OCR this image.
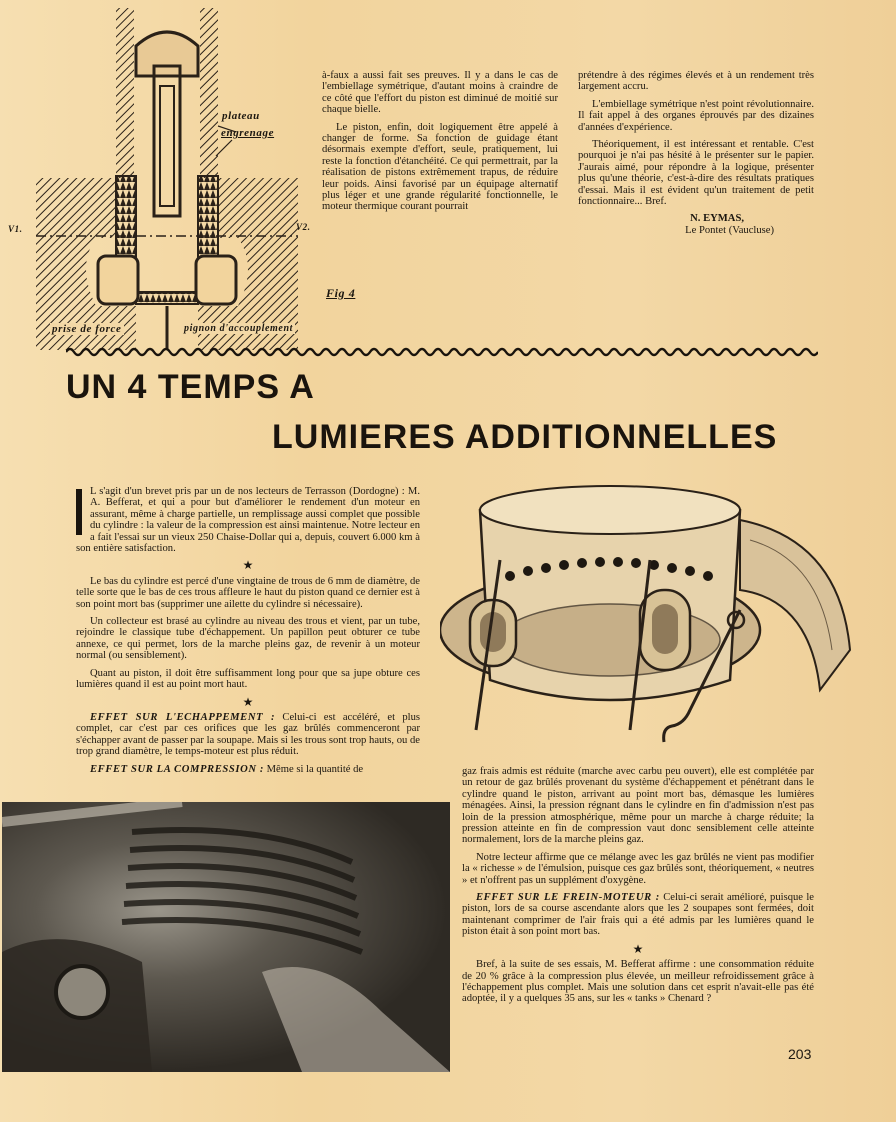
plateau
engrenage
V1.	V2.
Fig 4
prise de force	pignon d'accouplement

à-faux a aussi fait ses preuves. Il y a dans le cas de l'embiellage symétrique, d'autant moins à craindre de ce côté que l'effort du piston est diminué de moitié sur chaque bielle.

Le piston, enfin, doit logiquement être appelé à changer de forme. Sa fonction de guidage étant désormais exempte d'effort, seule, pratiquement, lui reste la fonction d'étanchéité. Ce qui permettrait, par la réalisation de pistons extrêmement trapus, de réduire leur poids. Ainsi favorisé par un équipage alternatif plus léger et une grande régularité fonctionnelle, le moteur thermique courant pourrait

prétendre à des régimes élevés et à un rendement très largement accru.

L'embiellage symétrique n'est point révolutionnaire. Il fait appel à des organes éprouvés par des dizaines d'années d'expérience.

Théoriquement, il est intéressant et rentable. C'est pourquoi je n'ai pas hésité à le présenter sur le papier. J'aurais aimé, pour répondre à la logique, présenter plus qu'une théorie, c'est-à-dire des résultats pratiques d'essai. Mais il est évident qu'un traitement de petit fonctionnaire... Bref.

N. EYMAS,
Le Pontet (Vaucluse)
UN 4 TEMPS A
LUMIERES ADDITIONNELLES

L s'agit d'un brevet pris par un de nos lecteurs de Terrasson (Dordogne) : M. A. Befferat, et qui a pour but d'améliorer le rendement d'un moteur en assurant, même à charge partielle, un remplissage aussi complet que possible du cylindre : la valeur de la compression est ainsi maintenue. Notre lecteur en a fait l'essai sur un vieux 250 Chaise-Dollar qui a, depuis, couvert 6.000 km à son entière satisfaction.

★

Le bas du cylindre est percé d'une vingtaine de trous de 6 mm de diamètre, de telle sorte que le bas de ces trous affleure le haut du piston quand ce dernier est à son point mort bas (supprimer une ailette du cylindre si nécessaire).

Un collecteur est brasé au cylindre au niveau des trous et vient, par un tube, rejoindre le classique tube d'échappement. Un papillon peut obturer ce tube annexe, ce qui permet, lors de la marche pleins gaz, de revenir à un moteur normal (ou sensiblement).

Quant au piston, il doit être suffisamment long pour que sa jupe obture ces lumières quand il est au point mort haut.

★

EFFET SUR L'ECHAPPEMENT : Celui-ci est accéléré, et plus complet, car c'est par ces orifices que les gaz brûlés commenceront par s'échapper avant de passer par la soupape. Mais si les trous sont trop hauts, ou de trop grand diamètre, le temps-moteur est plus réduit.

EFFET SUR LA COMPRESSION : Même si la quantité de	gaz frais admis est réduite (marche avec carbu peu ouvert), elle est complétée par un retour de gaz brûlés provenant du système d'échappement et pénétrant dans le cylindre quand le piston, arrivant au point mort bas, démasque les lumières ménagées. Ainsi, la pression régnant dans le cylindre en fin d'admission n'est pas loin de la pression atmosphérique, même pour un marche à charge réduite; la pression atteinte en fin de compression vaut donc sensiblement celle atteinte normalement, lors de la marche pleins gaz.

Notre lecteur affirme que ce mélange avec les gaz brûlés ne vient pas modifier la « richesse » de l'émulsion, puisque ces gaz brûlés sont, théoriquement, « neutres » et n'offrent pas un supplément d'oxygène.

EFFET SUR LE FREIN-MOTEUR : Celui-ci serait amélioré, puisque le piston, lors de sa course ascendante alors que les 2 soupapes sont fermées, doit maintenant comprimer de l'air frais qui a été admis par les lumières quand le piston était à son point mort bas.

★

Bref, à la suite de ses essais, M. Befferat affirme : une consommation réduite de 20 % grâce à la compression plus élevée, un meilleur refroidissement grâce à l'échappement plus complet. Mais une solution dans cet esprit n'avait-elle pas été adoptée, il y a quelques 35 ans, sur les « tanks » Chenard ?

203
